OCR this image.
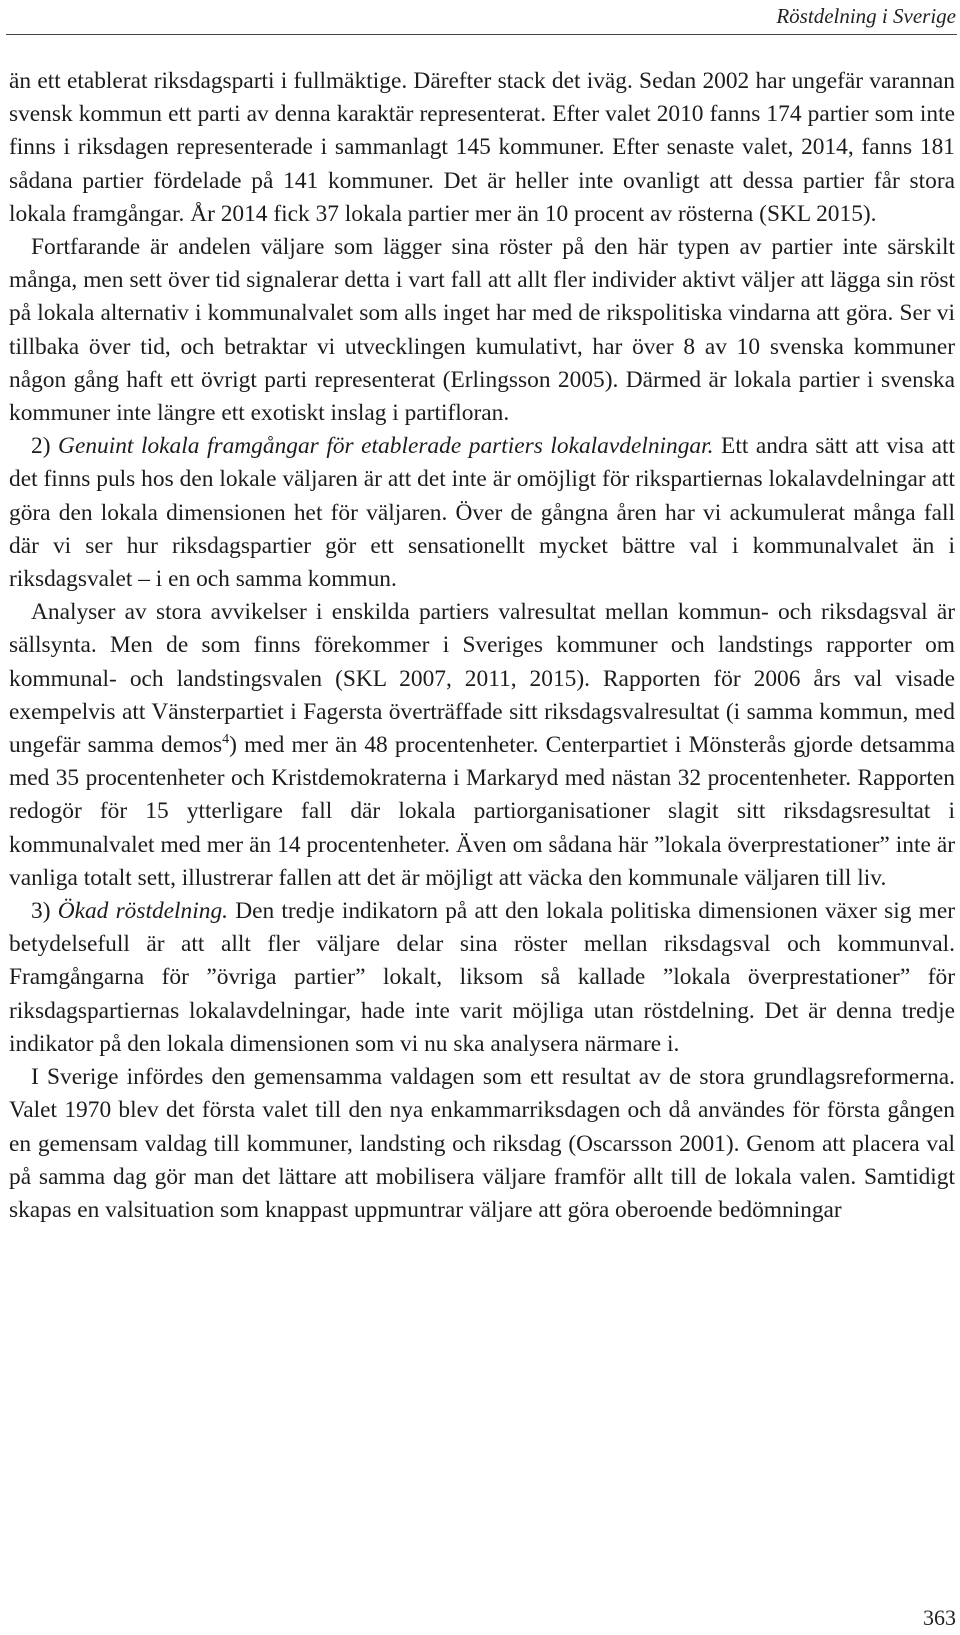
Röstdelning i Sverige

än ett etablerat riksdagsparti i fullmäktige. Därefter stack det iväg. Sedan 2002 har ungefär varannan svensk kommun ett parti av denna karaktär representerat. Efter valet 2010 fanns 174 partier som inte finns i riksdagen representerade i sammanlagt 145 kommuner. Efter senaste valet, 2014, fanns 181 sådana partier fördelade på 141 kommuner. Det är heller inte ovanligt att dessa partier får stora lokala framgångar. År 2014 fick 37 lokala partier mer än 10 procent av rösterna (SKL 2015).

Fortfarande är andelen väljare som lägger sina röster på den här typen av partier inte särskilt många, men sett över tid signalerar detta i vart fall att allt fler individer aktivt väljer att lägga sin röst på lokala alternativ i kommunalvalet som alls inget har med de rikspolitiska vindarna att göra. Ser vi tillbaka över tid, och betraktar vi utvecklingen kumulativt, har över 8 av 10 svenska kommuner någon gång haft ett övrigt parti representerat (Erlingsson 2005). Därmed är lokala partier i svenska kommuner inte längre ett exotiskt inslag i partifloran.

2) Genuint lokala framgångar för etablerade partiers lokalavdelningar. Ett andra sätt att visa att det finns puls hos den lokale väljaren är att det inte är omöjligt för rikspartiernas lokalavdelningar att göra den lokala dimensionen het för väljaren. Över de gångna åren har vi ackumulerat många fall där vi ser hur riksdagspartier gör ett sensationellt mycket bättre val i kommunalvalet än i riksdagsvalet – i en och samma kommun.

Analyser av stora avvikelser i enskilda partiers valresultat mellan kommun- och riksdagsval är sällsynta. Men de som finns förekommer i Sveriges kommuner och landstings rapporter om kommunal- och landstingsvalen (SKL 2007, 2011, 2015). Rapporten för 2006 års val visade exempelvis att Vänsterpartiet i Fagersta överträffade sitt riksdagsvalresultat (i samma kommun, med ungefär samma demos$^4$) med mer än 48 procentenheter. Centerpartiet i Mönsterås gjorde detsamma med 35 procentenheter och Kristdemokraterna i Markaryd med nästan 32 procentenheter. Rapporten redogör för 15 ytterligare fall där lokala partiorganisationer slagit sitt riksdagsresultat i kommunalvalet med mer än 14 procentenheter. Även om sådana här ”lokala överprestationer” inte är vanliga totalt sett, illustrerar fallen att det är möjligt att väcka den kommunale väljaren till liv.

3) Ökad röstdelning. Den tredje indikatorn på att den lokala politiska dimensionen växer sig mer betydelsefull är att allt fler väljare delar sina röster mellan riksdagsval och kommunval. Framgångarna för ”övriga partier” lokalt, liksom så kallade ”lokala överprestationer” för riksdagspartiernas lokalavdelningar, hade inte varit möjliga utan röstdelning. Det är denna tredje indikator på den lokala dimensionen som vi nu ska analysera närmare i.

I Sverige infördes den gemensamma valdagen som ett resultat av de stora grundlagsreformerna. Valet 1970 blev det första valet till den nya enkammarriksdagen och då användes för första gången en gemensam valdag till kommuner, landsting och riksdag (Oscarsson 2001). Genom att placera val på samma dag gör man det lättare att mobilisera väljare framför allt till de lokala valen. Samtidigt skapas en valsituation som knappast uppmuntrar väljare att göra oberoende bedömningar

363
